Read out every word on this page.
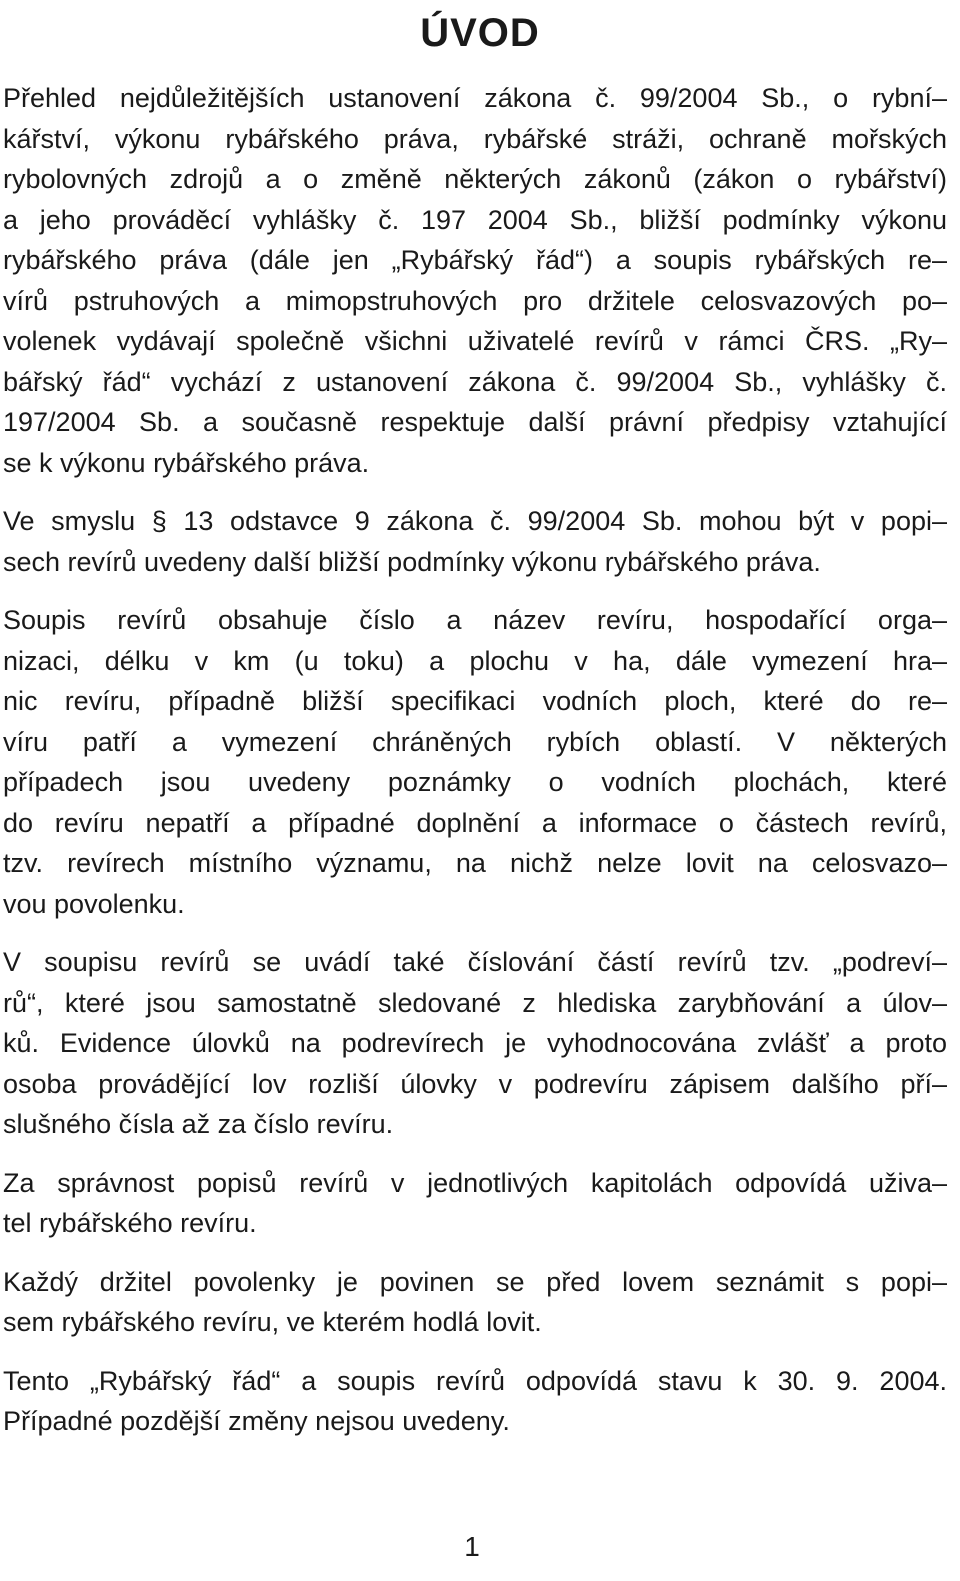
ÚVOD

Přehled nejdůležitějších ustanovení zákona č. 99/2004 Sb., o rybní–
kářství, výkonu rybářského práva, rybářské stráži, ochraně mořských
rybolovných zdrojů a o změně některých zákonů (zákon o rybářství)
a jeho prováděcí vyhlášky č. 197 2004 Sb., bližší podmínky výkonu
rybářského práva (dále jen „Rybářský řád“) a soupis rybářských re–
vírů pstruhových a mimopstruhových pro držitele celosvazových po–
volenek vydávají společně všichni uživatelé revírů v rámci ČRS. „Ry–
bářský řád“ vychází z ustanovení zákona č. 99/2004 Sb., vyhlášky č.
197/2004 Sb. a současně respektuje další právní předpisy vztahující
se k výkonu rybářského práva.

Ve smyslu § 13 odstavce 9 zákona č. 99/2004 Sb. mohou být v popi–
sech revírů uvedeny další bližší podmínky výkonu rybářského práva.

Soupis revírů obsahuje číslo a název revíru, hospodařící orga–
nizaci, délku v km (u toku) a plochu v ha, dále vymezení hra–
nic revíru, případně bližší specifikaci vodních ploch, které do re–
víru patří a vymezení chráněných rybích oblastí. V některých
případech jsou uvedeny poznámky o vodních plochách, které
do revíru nepatří a případné doplnění a informace o částech revírů,
tzv. revírech místního významu, na nichž nelze lovit na celosvazo–
vou povolenku.

V soupisu revírů se uvádí také číslování částí revírů tzv. „podreví–
rů“, které jsou samostatně sledované z hlediska zarybňování a úlov–
ků. Evidence úlovků na podrevírech je vyhodnocována zvlášť a proto
osoba provádějící lov rozliší úlovky v podrevíru zápisem dalšího pří–
slušného čísla až za číslo revíru.

Za správnost popisů revírů v jednotlivých kapitolách odpovídá uživa–
tel rybářského revíru.

Každý držitel povolenky je povinen se před lovem seznámit s popi–
sem rybářského revíru, ve kterém hodlá lovit.

Tento „Rybářský řád“ a soupis revírů odpovídá stavu k 30. 9. 2004.
Případné pozdější změny nejsou uvedeny.

1
